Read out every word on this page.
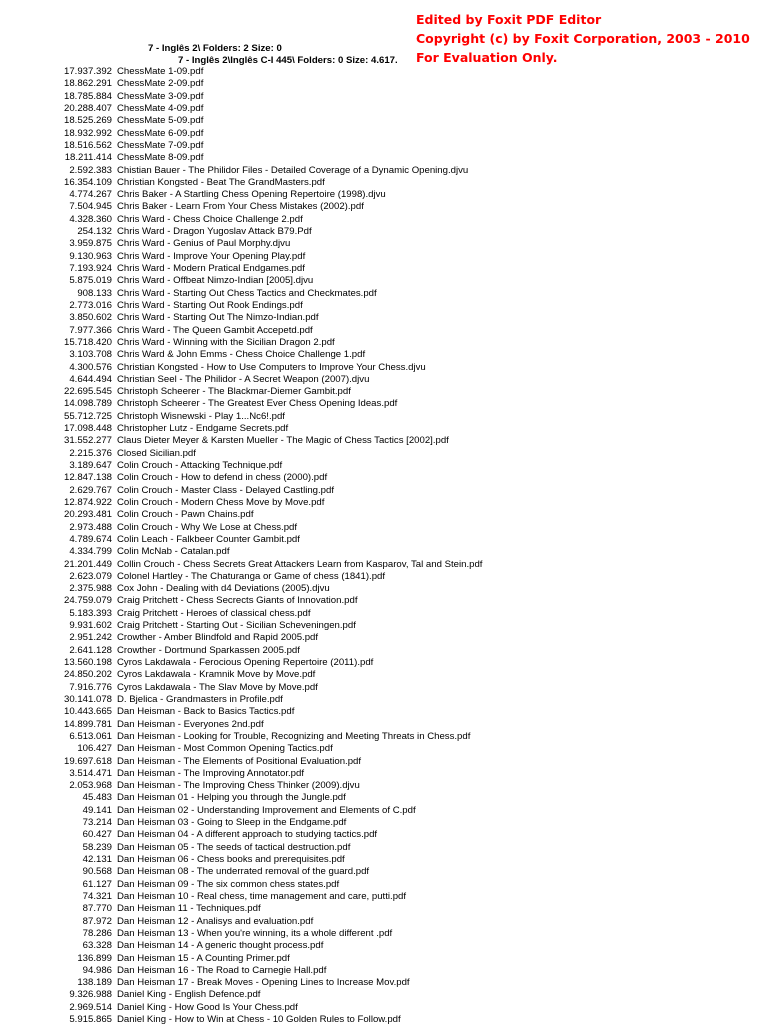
Edited by Foxit PDF Editor
Copyright (c) by Foxit Corporation, 2003 - 2010
For Evaluation Only.
7 - Inglês 2\ Folders: 2 Size: 0
7 - Inglês 2\Inglês C-I 445\ Folders: 0 Size: 4.617.
17.937.392 ChessMate 1-09.pdf
18.862.291 ChessMate 2-09.pdf
18.785.884 ChessMate 3-09.pdf
20.288.407 ChessMate 4-09.pdf
18.525.269 ChessMate 5-09.pdf
18.932.992 ChessMate 6-09.pdf
18.516.562 ChessMate 7-09.pdf
18.211.414 ChessMate 8-09.pdf
2.592.383 Chistian Bauer - The Philidor Files - Detailed Coverage of a Dynamic Opening.djvu
16.354.109 Christian Kongsted - Beat The GrandMasters.pdf
4.774.267 Chris Baker - A Startling Chess Opening Repertoire (1998).djvu
7.504.945 Chris Baker - Learn From Your Chess Mistakes (2002).pdf
4.328.360 Chris Ward - Chess Choice Challenge 2.pdf
254.132 Chris Ward - Dragon Yugoslav Attack B79.Pdf
3.959.875 Chris Ward - Genius of Paul Morphy.djvu
9.130.963 Chris Ward - Improve Your Opening Play.pdf
7.193.924 Chris Ward - Modern Pratical Endgames.pdf
5.875.019 Chris Ward - Offbeat Nimzo-Indian [2005].djvu
908.133 Chris Ward - Starting Out Chess Tactics and Checkmates.pdf
2.773.016 Chris Ward - Starting Out Rook Endings.pdf
3.850.602 Chris Ward - Starting Out The Nimzo-Indian.pdf
7.977.366 Chris Ward - The Queen Gambit Accepetd.pdf
15.718.420 Chris Ward - Winning with the Sicilian Dragon 2.pdf
3.103.708 Chris Ward & John Emms - Chess Choice Challenge 1.pdf
4.300.576 Christian Kongsted - How to Use Computers to Improve Your Chess.djvu
4.644.494 Christian Seel - The Philidor - A Secret Weapon (2007).djvu
22.695.545 Christoph Scheerer - The Blackmar-Diemer Gambit.pdf
14.098.789 Christoph Scheerer - The Greatest Ever Chess Opening Ideas.pdf
55.712.725 Christoph Wisnewski - Play 1...Nc6!.pdf
17.098.448 Christopher Lutz - Endgame Secrets.pdf
31.552.277 Claus Dieter Meyer & Karsten Mueller - The Magic of Chess Tactics [2002].pdf
2.215.376 Closed Sicilian.pdf
3.189.647 Colin Crouch - Attacking Technique.pdf
12.847.138 Colin Crouch - How to defend in chess (2000).pdf
2.629.767 Colin Crouch - Master Class - Delayed Castling.pdf
12.874.922 Colin Crouch - Modern Chess Move by Move.pdf
20.293.481 Colin Crouch - Pawn Chains.pdf
2.973.488 Colin Crouch - Why We Lose at Chess.pdf
4.789.674 Colin Leach - Falkbeer Counter Gambit.pdf
4.334.799 Colin McNab - Catalan.pdf
21.201.449 Collin Crouch - Chess Secrets Great Attackers Learn from Kasparov, Tal and Stein.pdf
2.623.079 Colonel Hartley - The Chaturanga or Game of chess (1841).pdf
2.375.988 Cox John - Dealing with d4 Deviations (2005).djvu
24.759.079 Craig Pritchett - Chess Secrects Giants of Innovation.pdf
5.183.393 Craig Pritchett - Heroes of classical chess.pdf
9.931.602 Craig Pritchett - Starting Out - Sicilian Scheveningen.pdf
2.951.242 Crowther - Amber Blindfold and Rapid 2005.pdf
2.641.128 Crowther - Dortmund Sparkassen 2005.pdf
13.560.198 Cyros Lakdawala - Ferocious Opening Repertoire (2011).pdf
24.850.202 Cyros Lakdawala - Kramnik Move by Move.pdf
7.916.776 Cyros Lakdawala - The Slav Move by Move.pdf
30.141.078 D. Bjelica - Grandmasters in Profile.pdf
10.443.665 Dan Heisman - Back to Basics Tactics.pdf
14.899.781 Dan Heisman - Everyones 2nd.pdf
6.513.061 Dan Heisman - Looking for Trouble, Recognizing and Meeting Threats in Chess.pdf
106.427 Dan Heisman - Most Common Opening Tactics.pdf
19.697.618 Dan Heisman - The Elements of Positional Evaluation.pdf
3.514.471 Dan Heisman - The Improving Annotator.pdf
2.053.968 Dan Heisman - The Improving Chess Thinker (2009).djvu
45.483 Dan Heisman 01 - Helping you through the Jungle.pdf
49.141 Dan Heisman 02 - Understanding Improvement and Elements of C.pdf
73.214 Dan Heisman 03 - Going to Sleep in the Endgame.pdf
60.427 Dan Heisman 04 - A different approach to studying tactics.pdf
58.239 Dan Heisman 05 - The seeds of tactical destruction.pdf
42.131 Dan Heisman 06 - Chess books and prerequisites.pdf
90.568 Dan Heisman 08 - The underrated removal of the guard.pdf
61.127 Dan Heisman 09 - The six common chess states.pdf
74.321 Dan Heisman 10 - Real chess, time management and care, putti.pdf
87.770 Dan Heisman 11 - Techniques.pdf
87.972 Dan Heisman 12 - Analisys and evaluation.pdf
78.286 Dan Heisman 13 - When you're winning, its a whole different .pdf
63.328 Dan Heisman 14 - A generic thought process.pdf
136.899 Dan Heisman 15 - A Counting Primer.pdf
94.986 Dan Heisman 16 - The Road to Carnegie Hall.pdf
138.189 Dan Heisman 17 - Break Moves - Opening Lines to Increase Mov.pdf
9.326.988 Daniel King - English Defence.pdf
2.969.514 Daniel King - How Good Is Your Chess.pdf
5.915.865 Daniel King - How to Win at Chess - 10 Golden Rules to Follow.pdf
